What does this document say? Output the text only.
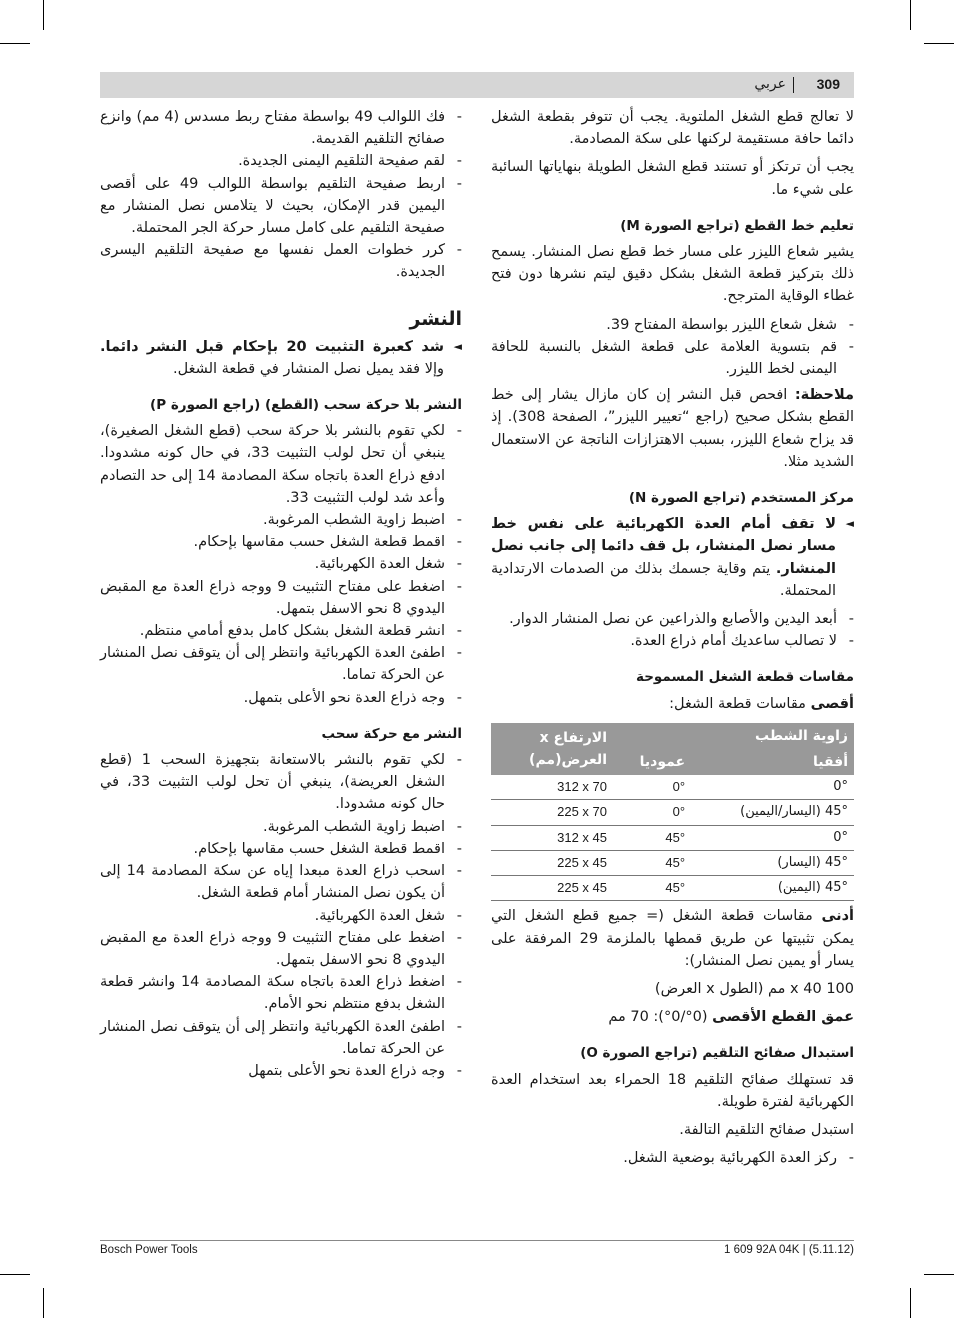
309
عربي

لا تعالج قطع الشغل الملتوية. يجب أن تتوفر بقطعة الشغل دائما حافة مستقيمة لركنها على سكة المصادمة.

يجب أن ترتكز أو تستند قطع الشغل الطويلة بنهاياتها السائبة على شيء ما.

تعليم خط القطع (تراجع الصورة M)

يشير شعاع الليزر على مسار خط قطع نصل المنشار. يسمح ذلك بتركيز قطعة الشغل بشكل دقيق ليتم نشرها دون فتح غطاء الوقاية المترجح.

- شغل شعاع الليزر بواسطة المفتاح 39.

- قم بتسوية العلامة على قطعة الشغل بالنسبة للحافة اليمنى لخط الليزر.

ملاحظة: افحص قبل النشر إن كان مازال يشار إلى خط القطع بشكل صحيح (راجع “تعيير الليزر”، الصفحة 308). إذ قد يزاح شعاع الليزر، بسبب الاهتزازات الناتجة عن الاستعمال الشديد مثلا.

مركز المستخدم (تراجع الصورة N)

◄ لا تقف أمام العدة الكهربائية على نفس خط مسار نصل المنشار، بل قف دائما إلى جانب نصل المنشار. يتم وقاية جسمك بذلك من الصدمات الارتدادية المحتملة.

- أبعد اليدين والأصابع والذراعين عن نصل المنشار الدوار.

- لا تصالب ساعديك أمام ذراع العدة.

مقاسات قطعة الشغل المسموحة

أقصى مقاسات قطعة الشغل:

زاوية الشطب		الارتفاع x العرض(مم)
أفقيا	عموديا	
0°	0°	312 x 70
45° (اليسار/اليمين)	0°	225 x 70
0°	45°	312 x 45
45° (اليسار)	45°	225 x 45
45° (اليمين)	45°	225 x 45

أدنى مقاسات قطعة الشغل (= جميع قطع الشغل التي يمكن تثبيتها عن طريق قمطها بالملزمة 29 المرفقة على يسار أو يمين نصل المنشار):

100 x 40 مم (الطول x العرض)

عمق القطع الأقصى (0°/0°): 70 مم

استبدال صفائح التلقيم (تراجع الصورة O)

قد تستهلك صفائح التلقيم 18 الحمراء بعد استخدام العدة الكهربائية لفترة طويلة.

استبدل صفائح التلقيم التالفة.

- ركز العدة الكهربائية بوضعية الشغل.

- فك اللوالب 49 بواسطة مفتاح ربط مسدس (4 مم) وانزع صفائح التلقيم القديمة.

- لقم صفيحة التلقيم اليمنى الجديدة.

- اربط صفيحة التلقيم بواسطة اللوالب 49 على أقصى اليمين قدر الإمكان، بحيث لا يتلامس نصل المنشار مع صفيحة التلقيم على كامل مسار حركة الجر المحتملة.

- كرر خطوات العمل نفسها مع صفيحة التلقيم اليسرى الجديدة.

النشر

◄ شد كعبرة التثبيت 20 بإحكام قبل النشر دائما. وإلا فقد يميل نصل المنشار في قطعة الشغل.

النشر بلا حركة سحب (القطع) (راجع الصورة P)

- لكي تقوم بالنشر بلا حركة سحب (قطع الشغل الصغيرة)، ينبغي أن تحل لولب التثبيت 33، في حال كونه مشدودا. ادفع ذراع العدة باتجاه سكة المصادمة 14 إلى حد التصادم وأعد شد لولب التثبيت 33.

- اضبط زاوية الشطب المرغوبة.

- اقمط قطعة الشغل حسب مقاسها بإحكام.

- شغل العدة الكهربائية.

- اضغط على مفتاح التثبيت 9 ووجه ذراع العدة مع المقبض اليدوي 8 نحو الاسفل بتمهل.

- انشر قطعة الشغل بشكل كامل بدفع أمامي منتظم.

- اطفئ العدة الكهربائية وانتظر إلى أن يتوقف نصل المنشار عن الحركة تماما.

- وجه ذراع العدة نحو الأعلى بتمهل.

النشر مع حركة سحب

- لكي تقوم بالنشر بالاستعانة بتجهيزة السحب 1 (قطع الشغل العريضة)، ينبغي أن تحل لولب التثبيت 33، في حال كونه مشدودا.

- اضبط زاوية الشطب المرغوبة.

- اقمط قطعة الشغل حسب مقاسها بإحكام.

- اسحب ذراع العدة مبعدا إياه عن سكة المصادمة 14 إلى أن يكون نصل المنشار أمام قطعة الشغل.

- شغل العدة الكهربائية.

- اضغط على مفتاح التثبيت 9 ووجه ذراع العدة مع المقبض اليدوي 8 نحو الاسفل بتمهل.

- اضغط ذراع العدة باتجاه سكة المصادمة 14 وانشر قطعة الشغل بدفع منتظم نحو الأمام.

- اطفئ العدة الكهربائية وانتظر إلى أن يتوقف نصل المنشار عن الحركة تماما.

- وجه ذراع العدة نحو الأعلى بتمهل

Bosch Power Tools	1 609 92A 04K | (5.11.12)
